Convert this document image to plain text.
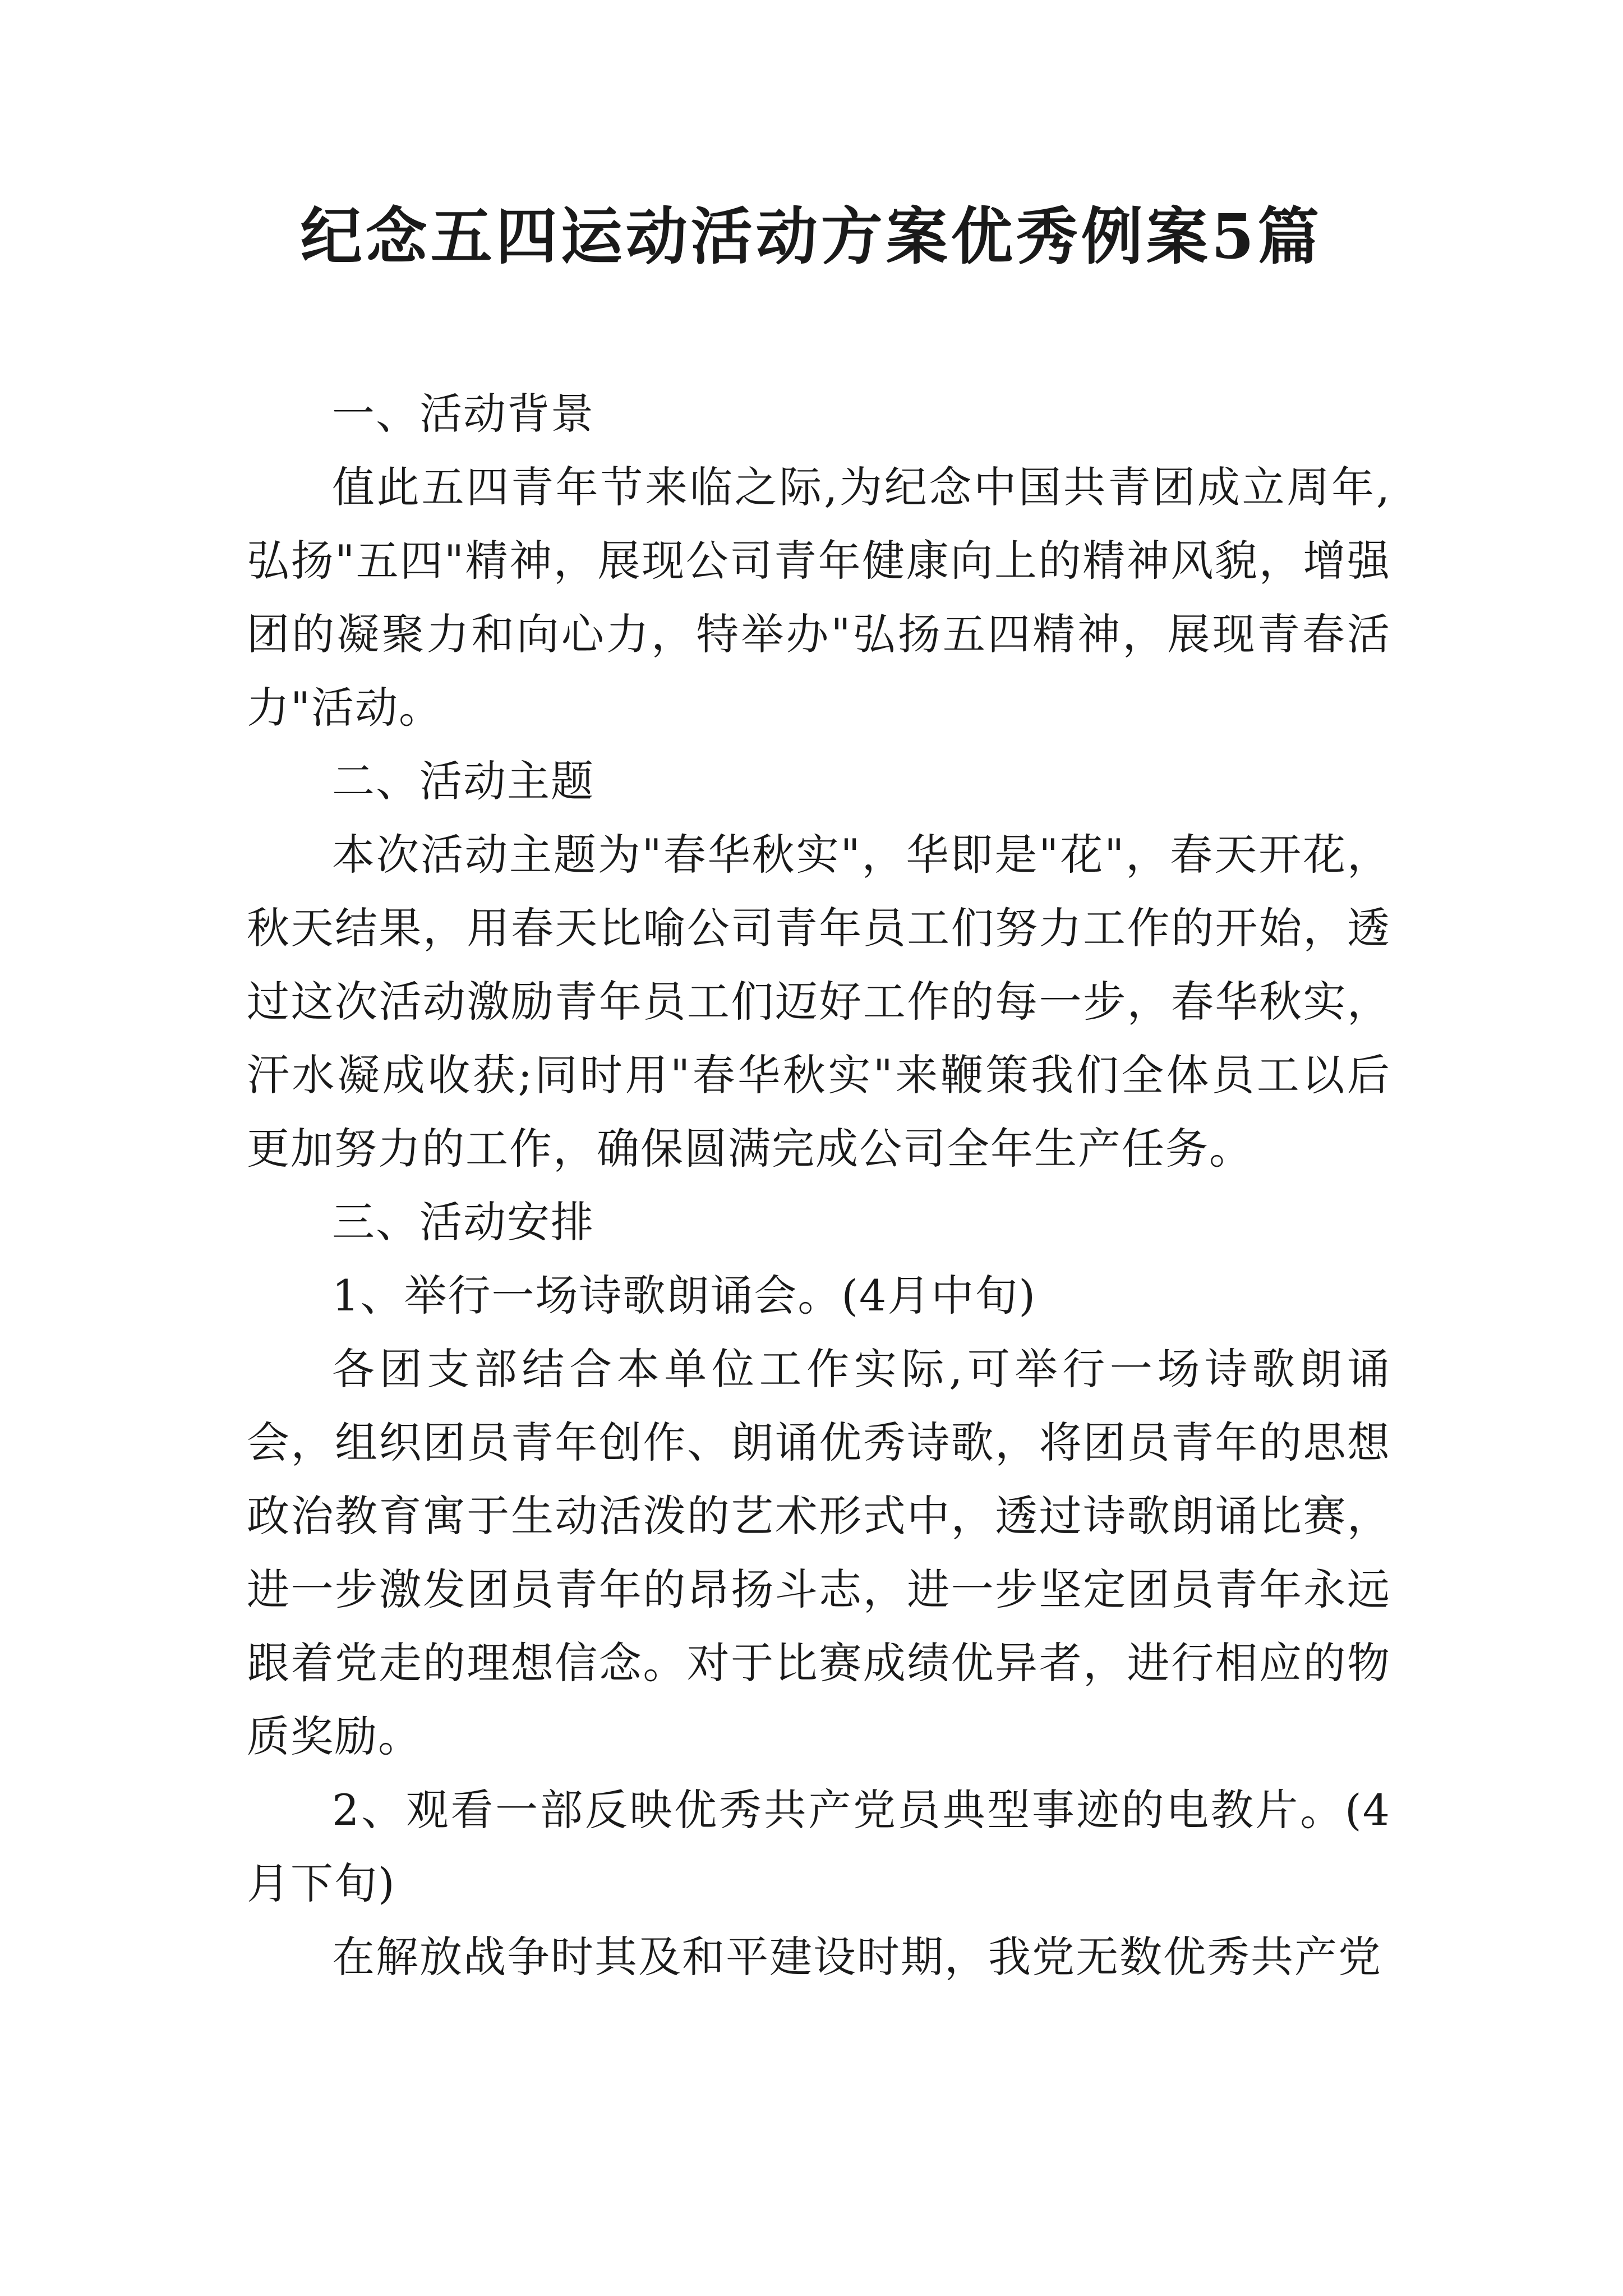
纪念五四运动活动方案优秀例案5篇

一、活动背景

值此五四青年节来临之际,为纪念中国共青团成立周年,弘扬"五四"精神，展现公司青年健康向上的精神风貌，增强团的凝聚力和向心力，特举办"弘扬五四精神，展现青春活力"活动。

二、活动主题

本次活动主题为"春华秋实"，华即是"花"，春天开花，秋天结果，用春天比喻公司青年员工们努力工作的开始，透过这次活动激励青年员工们迈好工作的每一步，春华秋实，汗水凝成收获;同时用"春华秋实"来鞭策我们全体员工以后更加努力的工作，确保圆满完成公司全年生产任务。

三、活动安排

1、举行一场诗歌朗诵会。(4月中旬)

各团支部结合本单位工作实际,可举行一场诗歌朗诵会，组织团员青年创作、朗诵优秀诗歌，将团员青年的思想政治教育寓于生动活泼的艺术形式中，透过诗歌朗诵比赛，进一步激发团员青年的昂扬斗志，进一步坚定团员青年永远跟着党走的理想信念。对于比赛成绩优异者，进行相应的物质奖励。

2、观看一部反映优秀共产党员典型事迹的电教片。(4月下旬)

在解放战争时其及和平建设时期，我党无数优秀共产党
